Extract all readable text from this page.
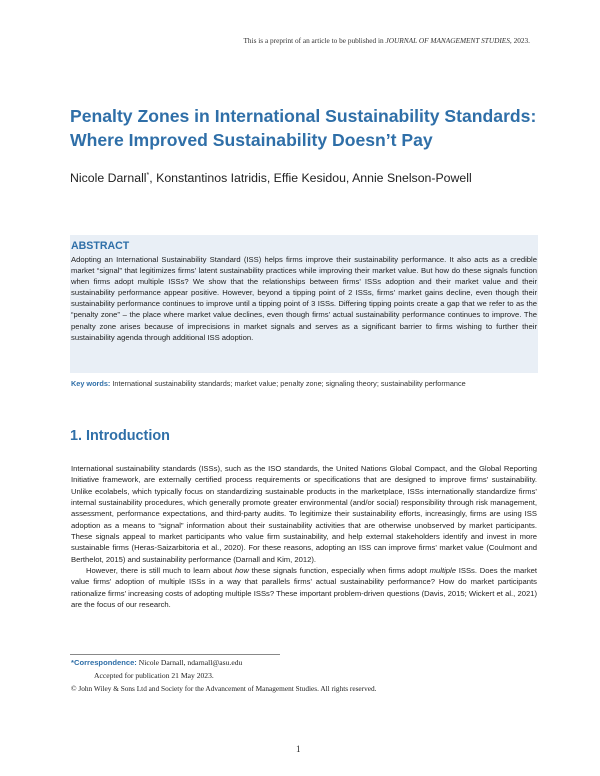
This is a preprint of an article to be published in JOURNAL OF MANAGEMENT STUDIES, 2023.
Penalty Zones in International Sustainability Standards:
Where Improved Sustainability Doesn’t Pay
Nicole Darnall*, Konstantinos Iatridis, Effie Kesidou, Annie Snelson-Powell
ABSTRACT

Adopting an International Sustainability Standard (ISS) helps firms improve their sustainability performance. It also acts as a credible market “signal” that legitimizes firms’ latent sustainability practices while improving their market value. But how do these signals function when firms adopt multiple ISSs? We show that the relationships between firms’ ISSs adoption and their market value and their sustainability performance appear positive. However, beyond a tipping point of 2 ISSs, firms’ market gains decline, even though their sustainability performance continues to improve until a tipping point of 3 ISSs. Differing tipping points create a gap that we refer to as the “penalty zone” – the place where market value declines, even though firms’ actual sustainability performance continues to improve. The penalty zone arises because of imprecisions in market signals and serves as a significant barrier to firms wishing to further their sustainability agenda through additional ISS adoption.

Key words: International sustainability standards; market value; penalty zone; signaling theory; sustainability performance
1. Introduction

International sustainability standards (ISSs), such as the ISO standards, the United Nations Global Compact, and the Global Reporting Initiative framework, are externally certified process requirements or specifications that are designed to improve firms’ sustainability. Unlike ecolabels, which typically focus on standardizing sustainable products in the marketplace, ISSs internationally standardize firms’ internal sustainability procedures, which generally promote greater environmental (and/or social) responsibility through risk management, assessment, performance expectations, and third-party audits. To legitimize their sustainability efforts, increasingly, firms are using ISS adoption as a means to “signal” information about their sustainability activities that are otherwise unobserved by market participants. These signals appeal to market participants who value firm sustainability, and help external stakeholders identify and invest in more sustainable firms (Heras-Saizarbitoria et al., 2020). For these reasons, adopting an ISS can improve firms’ market value (Coulmont and Berthelot, 2015) and sustainability performance (Darnall and Kim, 2012).

However, there is still much to learn about how these signals function, especially when firms adopt multiple ISSs. Does the market value firms’ adoption of multiple ISSs in a way that parallels firms’ actual sustainability performance? How do market participants rationalize firms’ increasing costs of adopting multiple ISSs? These important problem-driven questions (Davis, 2015; Wickert et al., 2021) are the focus of our research.

*Correspondence: Nicole Darnall, ndarnall@asu.edu
Accepted for publication 21 May 2023.
© John Wiley & Sons Ltd and Society for the Advancement of Management Studies. All rights reserved.
1
